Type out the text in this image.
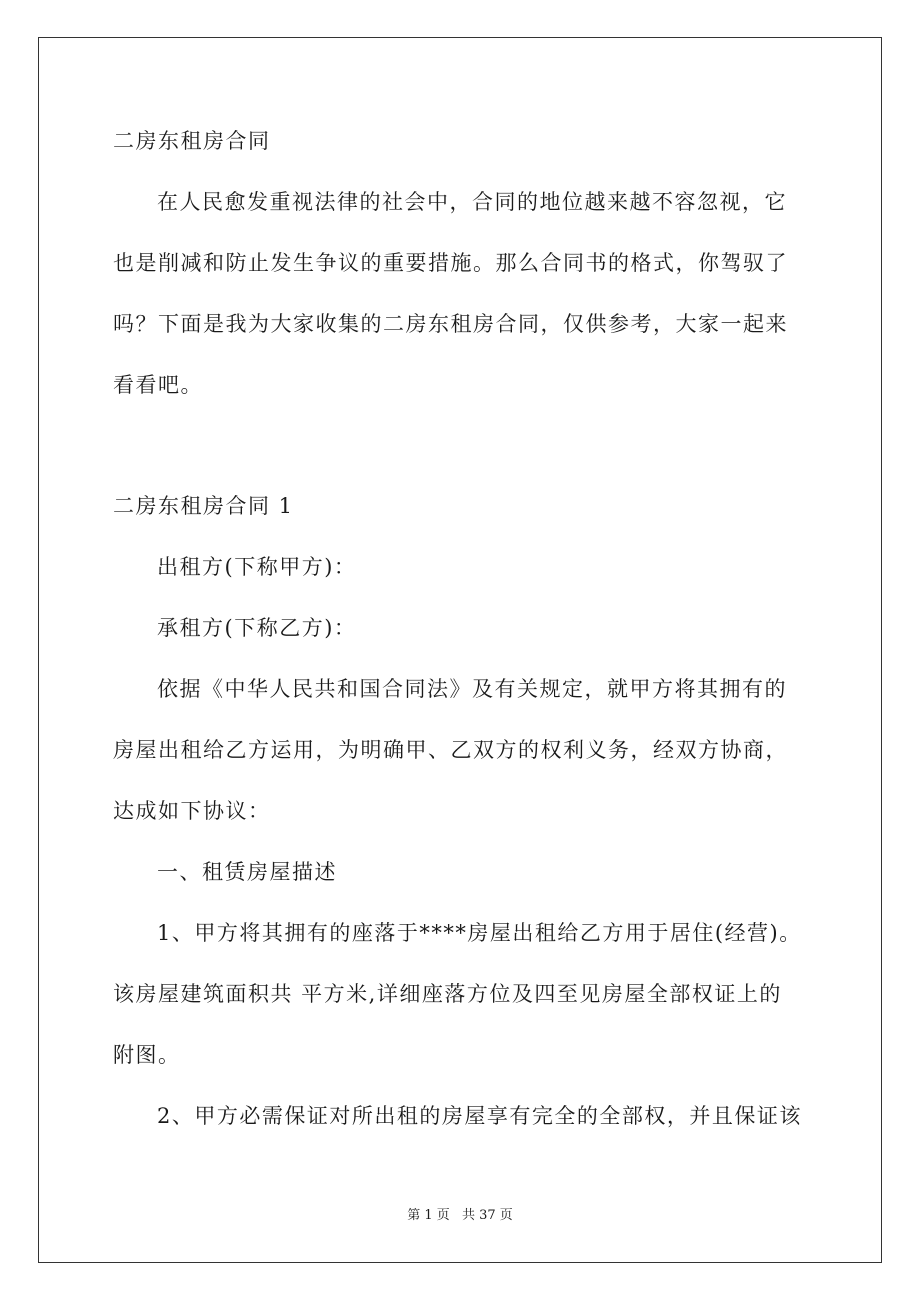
二房东租房合同
在人民愈发重视法律的社会中，合同的地位越来越不容忽视，它
也是削减和防止发生争议的重要措施。那么合同书的格式，你驾驭了
吗？下面是我为大家收集的二房东租房合同，仅供参考，大家一起来
看看吧。
二房东租房合同 1
出租方(下称甲方)：
承租方(下称乙方)：
依据《中华人民共和国合同法》及有关规定，就甲方将其拥有的
房屋出租给乙方运用，为明确甲、乙双方的权利义务，经双方协商，
达成如下协议：
一、租赁房屋描述
1、甲方将其拥有的座落于****房屋出租给乙方用于居住(经营)。
该房屋建筑面积共 平方米,详细座落方位及四至见房屋全部权证上的
附图。
2、甲方必需保证对所出租的房屋享有完全的全部权，并且保证该
第 1 页 共 37 页
